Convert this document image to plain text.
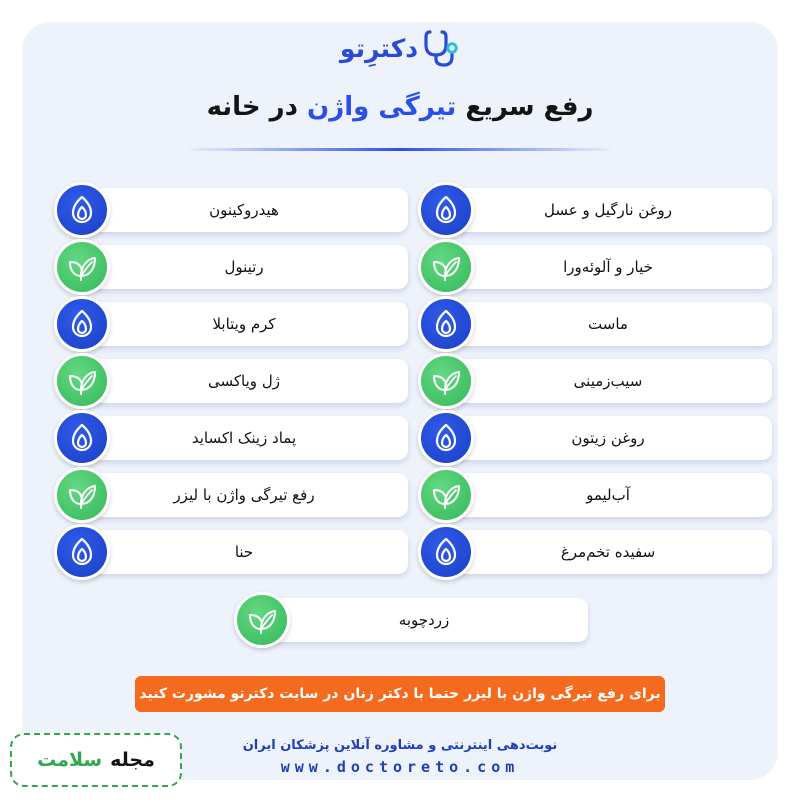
دکترِتو
رفع سریع تیرگی واژن در خانه
روغن نارگیل و عسل
خیار و آلوئه‌ورا
ماست
سیب‌زمینی
روغن زیتون
آب‌لیمو
سفیده تخم‌مرغ
هیدروکینون
رتینول
کرم ویتابلا
ژل ویاکسی
پماد زینک اکساید
رفع تیرگی واژن با لیزر
حنا
زردچوبه
برای رفع تیرگی واژن با لیزر حتما با دکتر زنان در سایت دکترتو مشورت کنید
مجله
سلامت
نوبت‌دهی اینترنتی و مشاوره آنلاین پزشکان ایران
www.doctoreto.com
